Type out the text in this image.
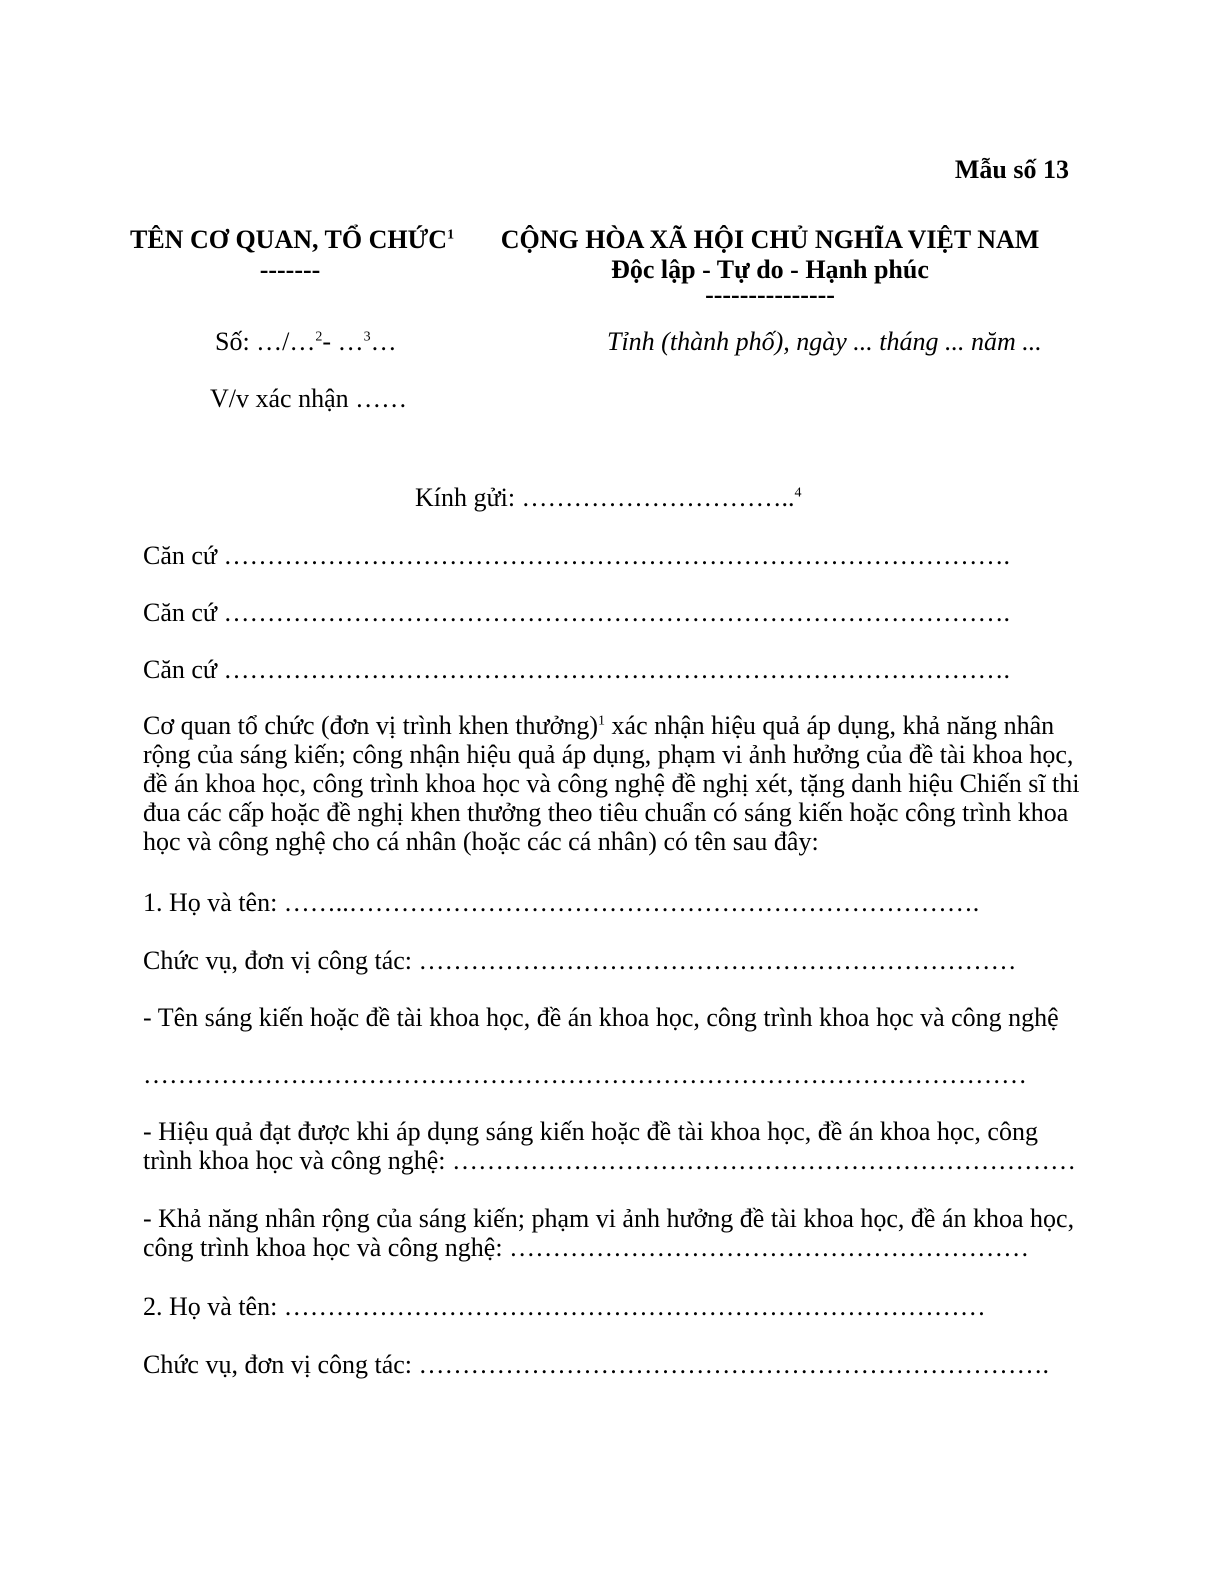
Mẫu số 13
TÊN CƠ QUAN, TỔ CHỨC$^1$
-------
CỘNG HÒA XÃ HỘI CHỦ NGHĨA VIỆT NAM
Độc lập - Tự do - Hạnh phúc
---------------
Số: …/…$^2$- …$^3$…	Tỉnh (thành phố), ngày ... tháng ... năm ...
V/v xác nhận ……
Kính gửi: …………………………..$^4$
Căn cứ ……………………………………………………………………………….
Căn cứ ……………………………………………………………………………….
Căn cứ ……………………………………………………………………………….
Cơ quan tổ chức (đơn vị trình khen thưởng)$^1$ xác nhận hiệu quả áp dụng, khả năng nhân rộng của sáng kiến; công nhận hiệu quả áp dụng, phạm vi ảnh hưởng của đề tài khoa học, đề án khoa học, công trình khoa học và công nghệ đề nghị xét, tặng danh hiệu Chiến sĩ thi đua các cấp hoặc đề nghị khen thưởng theo tiêu chuẩn có sáng kiến hoặc công trình khoa học và công nghệ cho cá nhân (hoặc các cá nhân) có tên sau đây:
1. Họ và tên: ……..……………………………………………………………….
Chức vụ, đơn vị công tác: ……………………………………………………………
- Tên sáng kiến hoặc đề tài khoa học, đề án khoa học, công trình khoa học và công nghệ
…………………………………………………………………………………………
- Hiệu quả đạt được khi áp dụng sáng kiến hoặc đề tài khoa học, đề án khoa học, công trình khoa học và công nghệ: ………………………………………………………………
- Khả năng nhân rộng của sáng kiến; phạm vi ảnh hưởng đề tài khoa học, đề án khoa học, công trình khoa học và công nghệ: ……………………………………………………
2. Họ và tên: ………………………………………………………………………
Chức vụ, đơn vị công tác: ……………………………………………………………….
